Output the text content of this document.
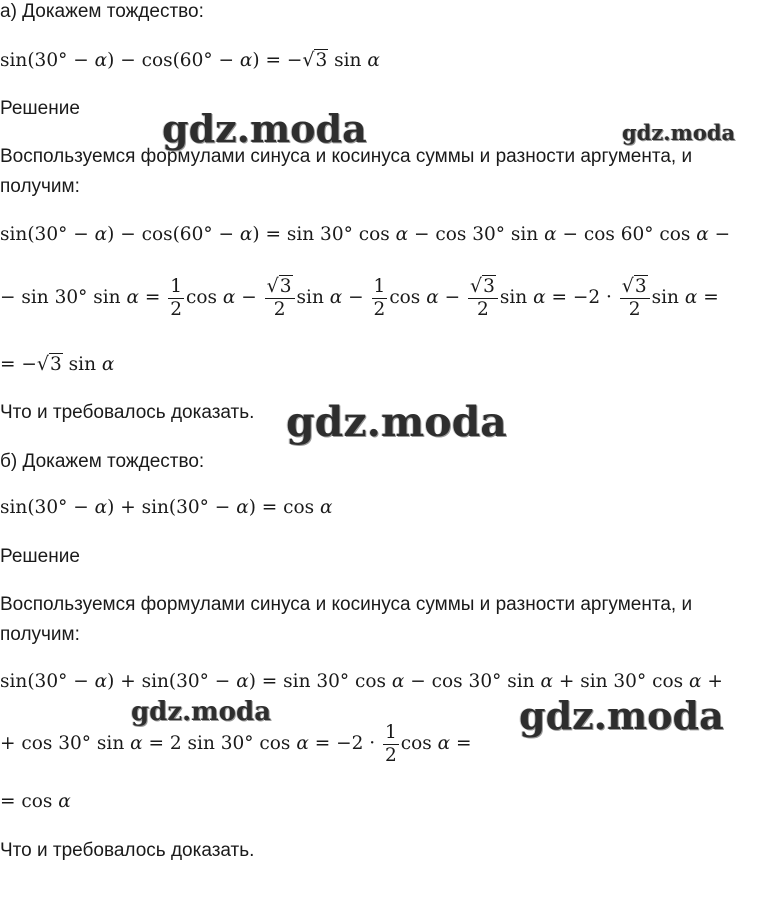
а) Докажем тождество:
sin(30° − α) − cos(60° − α) = −√3 sin α
Решение
Воспользуемся формулами синуса и косинуса суммы и разности аргумента, и получим:
sin(30° − α) − cos(60° − α) = sin 30° cos α − cos 30° sin α − cos 60° cos α −
− sin 30° $\sin \alpha = \frac{1}{2}$ $\cos \alpha - \frac{√3}{2}$ $\sin \alpha - \frac{1}{2}$ $\cos \alpha - \frac{√3}{2}$ $\sin \alpha = -2 \cdot \frac{√3}{2}$ sin α =
= −√3 sin α
Что и требовалось доказать.
б) Докажем тождество:
sin(30° − α) + sin(30° − α) = cos α
Решение
Воспользуемся формулами синуса и косинуса суммы и разности аргумента, и получим:
sin(30° − α) + sin(30° − α) = sin 30° cos α − cos 30° sin α + sin 30° cos α +
+ cos 30° sin α = 2 sin 30° $\cos \alpha = -2 \cdot \frac{1}{2}$ cos α =
= cos α
Что и требовалось доказать.
gdz.moda	gdz.moda
gdz.moda
gdz.moda	gdz.moda
